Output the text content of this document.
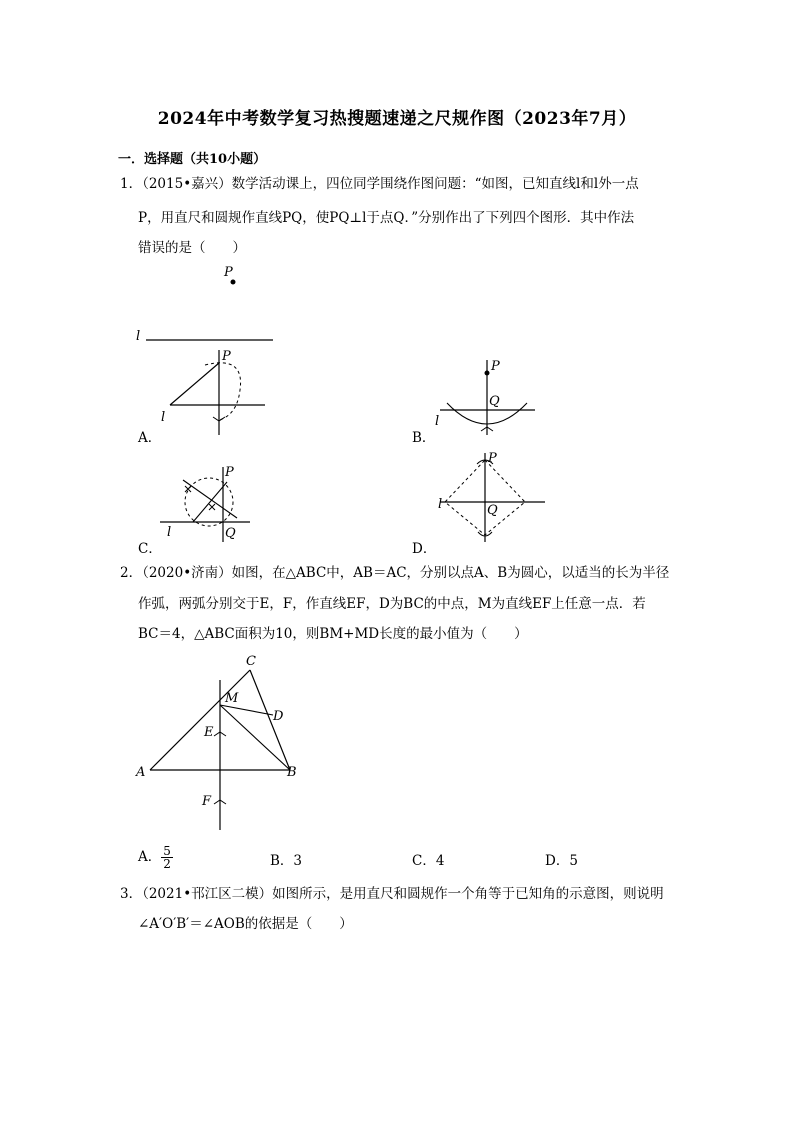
2024年中考数学复习热搜题速递之尺规作图（2023年7月）
一．选择题（共10小题）
1．（2015•嘉兴）数学活动课上，四位同学围绕作图问题：“如图，已知直线l和l外一点
P，用直尺和圆规作直线PQ，使PQ⊥l于点Q．”分别作出了下列四个图形．其中作法
错误的是（　　）
P
l
P
l
A．
P
Q
l
B．
P
Q
l
C．
P
Q
l
D．
2．（2020•济南）如图，在△ABC中，AB＝AC，分别以点A、B为圆心，以适当的长为半径
作弧，两弧分别交于E，F，作直线EF，D为BC的中点，M为直线EF上任意一点．若
BC＝4，△ABC面积为10，则BM+MD长度的最小值为（　　）
C
M
D
E
A	B
F
A． $\frac{5}{2}$	B．3	C．4	D．5
3．（2021•邗江区二模）如图所示，是用直尺和圆规作一个角等于已知角的示意图，则说明
∠A′O′B′＝∠AOB的依据是（　　）
